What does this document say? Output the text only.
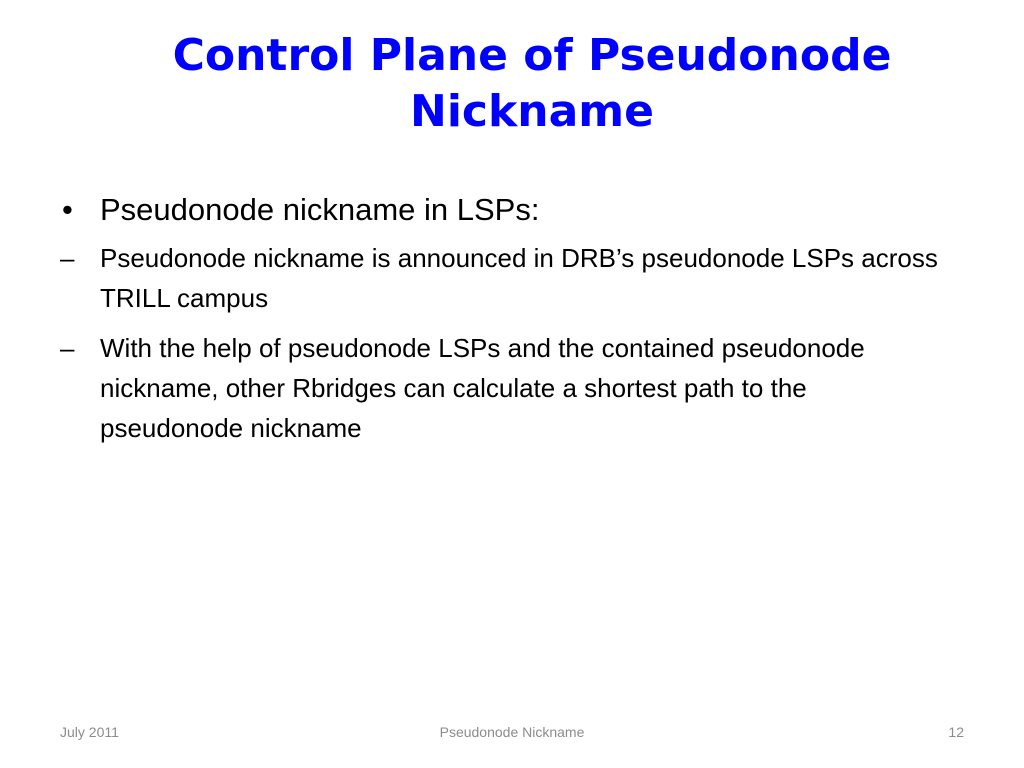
Control Plane of Pseudonode Nickname
• Pseudonode nickname in LSPs:
– Pseudonode nickname is announced in DRB’s pseudonode LSPs across TRILL campus
– With the help of pseudonode LSPs and the contained pseudonode nickname, other Rbridges can calculate a shortest path to the pseudonode nickname
July 2011	Pseudonode Nickname	12
